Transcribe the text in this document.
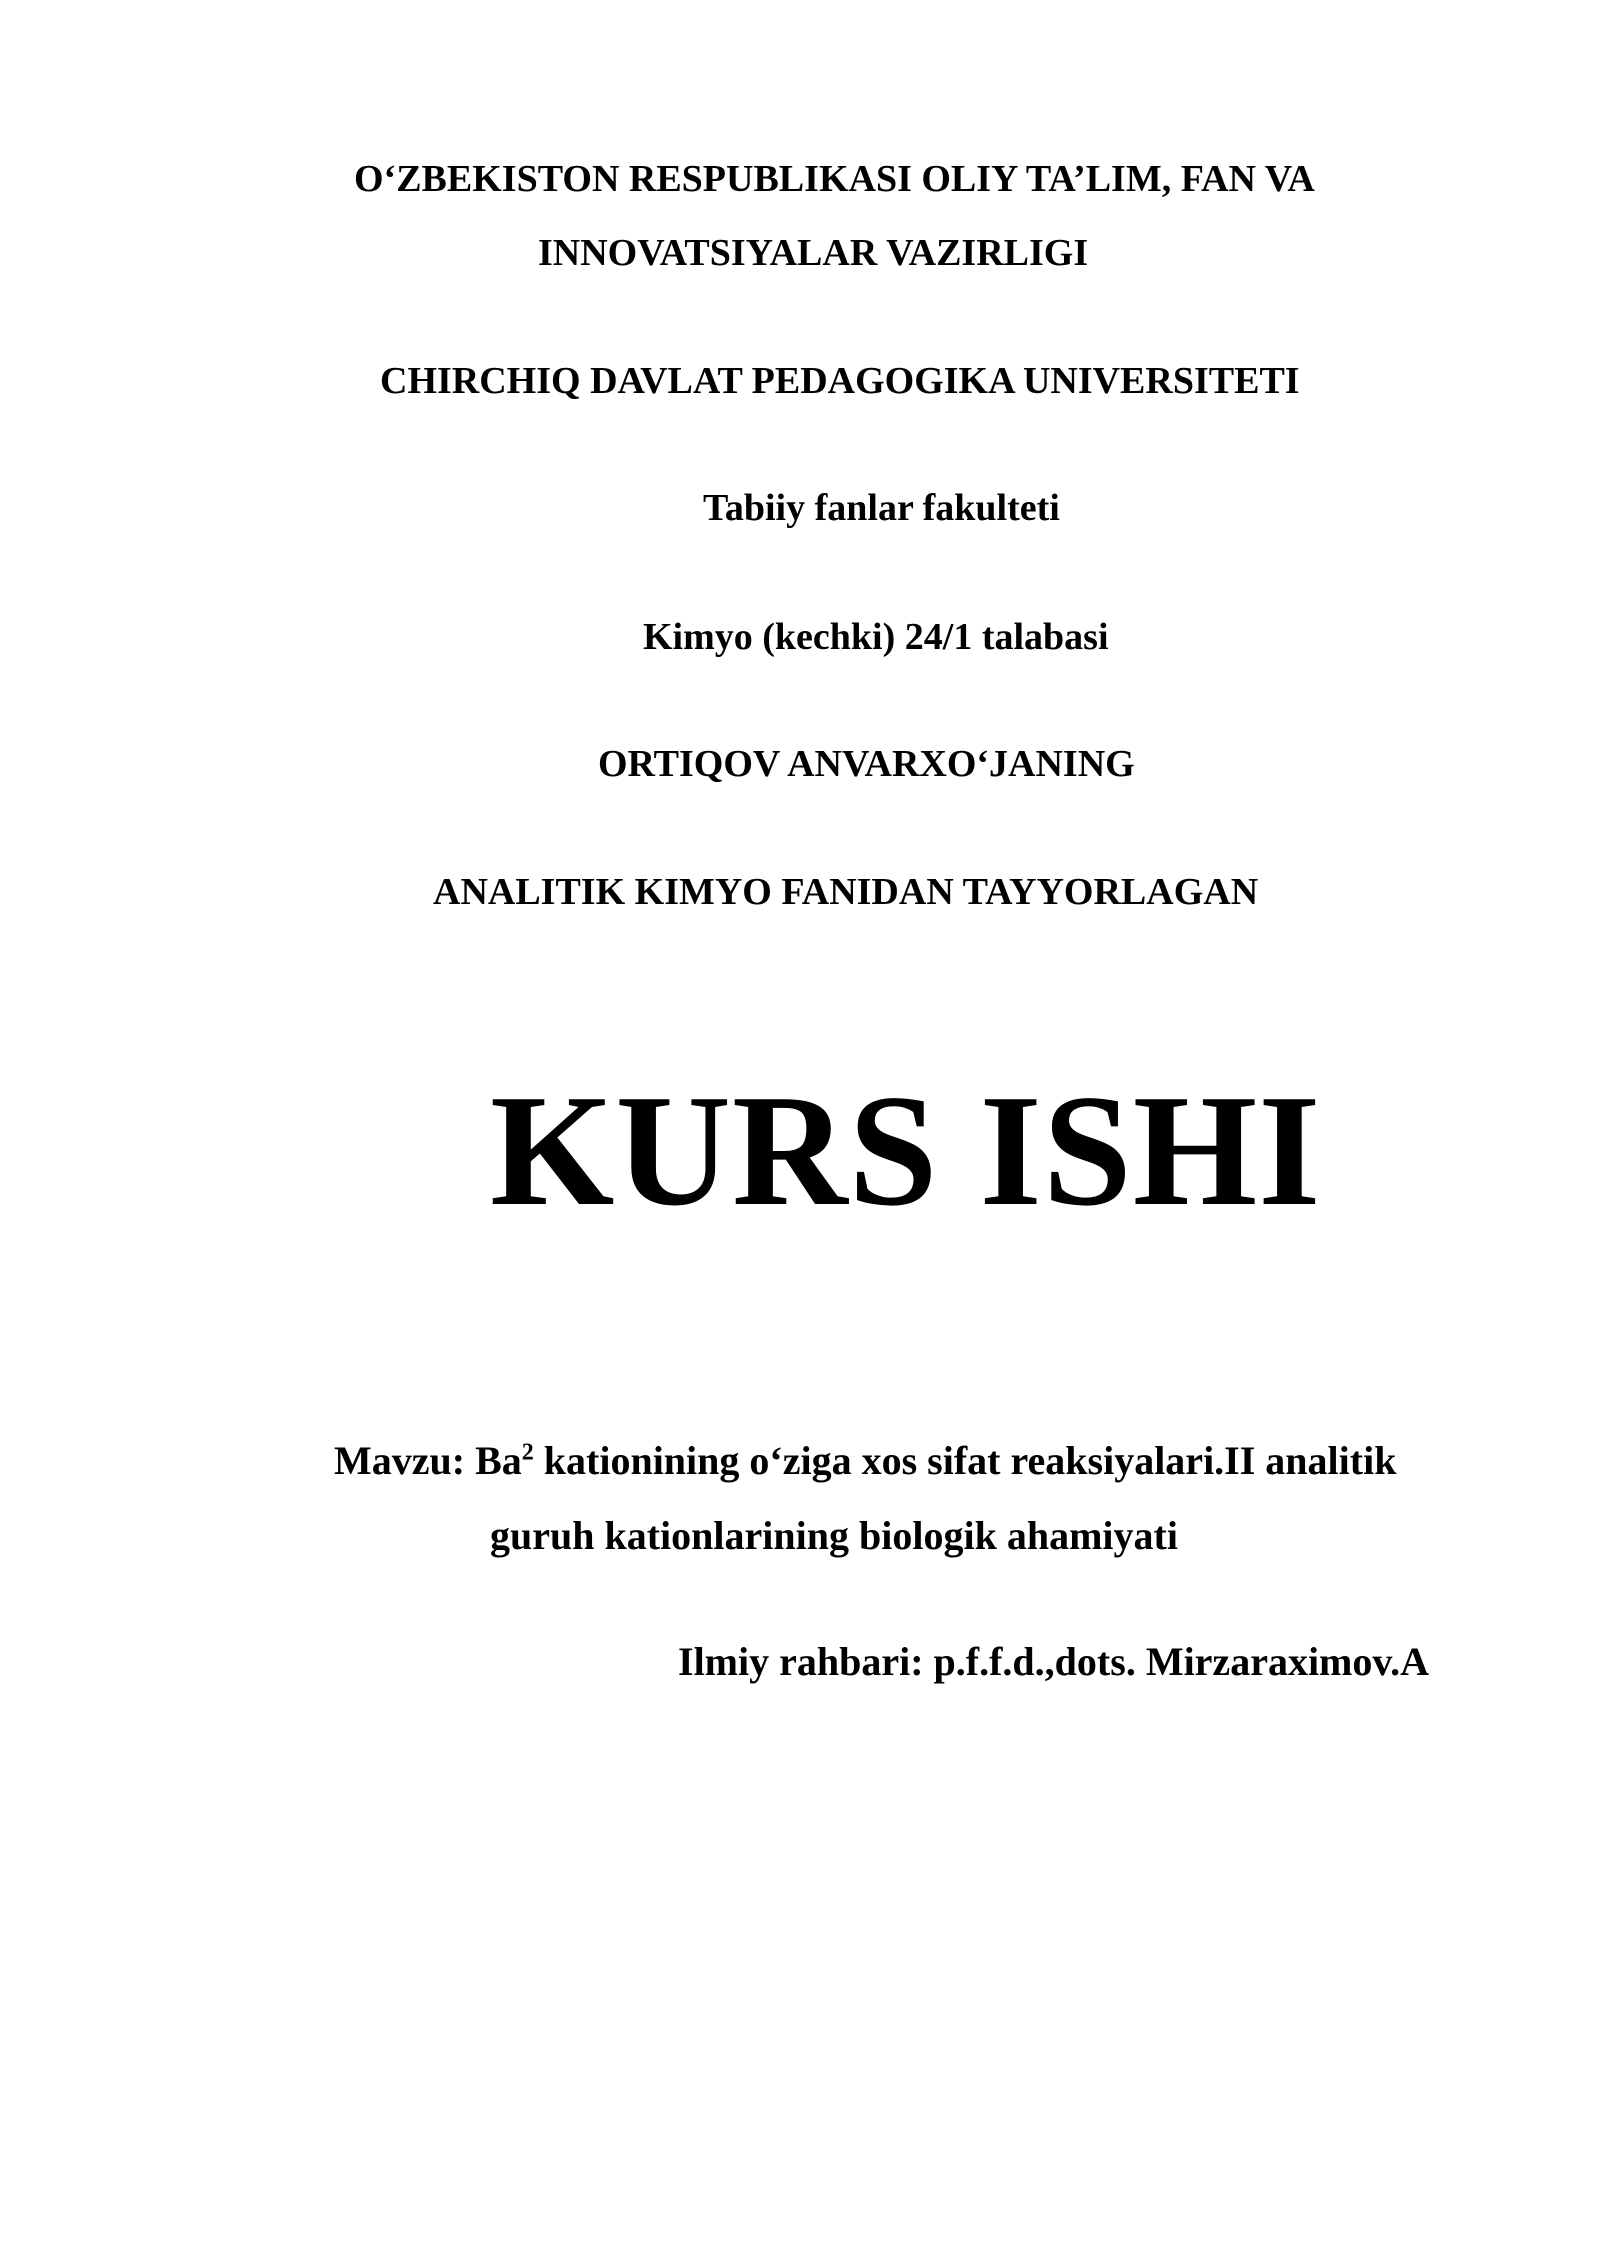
O‘ZBEKISTON RESPUBLIKASI OLIY TA’LIM, FAN VA
INNOVATSIYALAR VAZIRLIGI
CHIRCHIQ DAVLAT PEDAGOGIKA UNIVERSITETI
Tabiiy fanlar fakulteti
Kimyo (kechki) 24/1 talabasi
ORTIQOV ANVARXO‘JANING
ANALITIK KIMYO FANIDAN TAYYORLAGAN
KURS ISHI
Mavzu: Ba$^2$ kationining o‘ziga xos sifat reaksiyalari.II analitik
guruh kationlarining biologik ahamiyati
Ilmiy rahbari: p.f.f.d.,dots. Mirzaraximov.A
